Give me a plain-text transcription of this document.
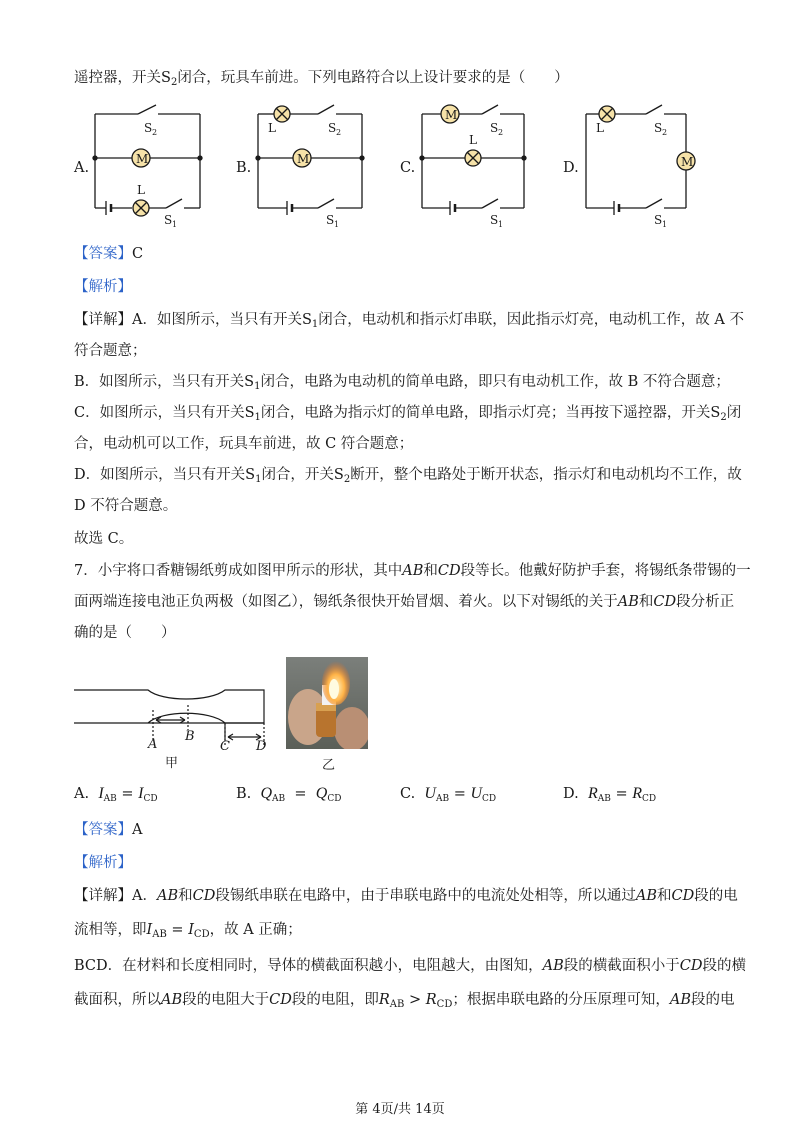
遥控器，开关$S_2$闭合，玩具车前进。下列电路符合以上设计要求的是（　　）
A.	B.	C.	D.
M
L
S 2
S 1
M
L	S 2
S 1
M
L
S 2
S 1
M
L	S 2
S 1
【答案】C
【解析】
【详解】A．如图所示，当只有开关$S_1$闭合，电动机和指示灯串联，因此指示灯亮，电动机工作，故 A 不
符合题意；
B．如图所示，当只有开关$S_1$闭合，电路为电动机的简单电路，即只有电动机工作，故 B 不符合题意；
C．如图所示，当只有开关$S_1$闭合，电路为指示灯的简单电路，即指示灯亮；当再按下遥控器，开关$S_2$闭
合，电动机可以工作，玩具车前进，故 C 符合题意；
D．如图所示，当只有开关$S_1$闭合，开关$S_2$断开，整个电路处于断开状态，指示灯和电动机均不工作，故
D 不符合题意。
故选 C。
7．小宇将口香糖锡纸剪成如图甲所示的形状，其中AB和CD段等长。他戴好防护手套，将锡纸条带锡的一
面两端连接电池正负两极（如图乙），锡纸条很快开始冒烟、着火。以下对锡纸的关于AB和CD段分析正
确的是（　　）
A
B
C D
甲	乙
A. $I_{AB} = I_{CD}$	B. $Q_{AB} = Q_{CD}$	C. $U_{AB} = U_{CD}$	D. $R_{AB} = R_{CD}$
【答案】A
【解析】
【详解】A．AB和CD段锡纸串联在电路中，由于串联电路中的电流处处相等，所以通过AB和CD段的电
流相等，即$I_{AB} = I_{CD}$，故 A 正确；
BCD．在材料和长度相同时，导体的横截面积越小，电阻越大，由图知，AB段的横截面积小于CD段的横
截面积，所以AB段的电阻大于CD段的电阻，即$R_{AB} > R_{CD}$；根据串联电路的分压原理可知，AB段的电
第 4页/共 14页
